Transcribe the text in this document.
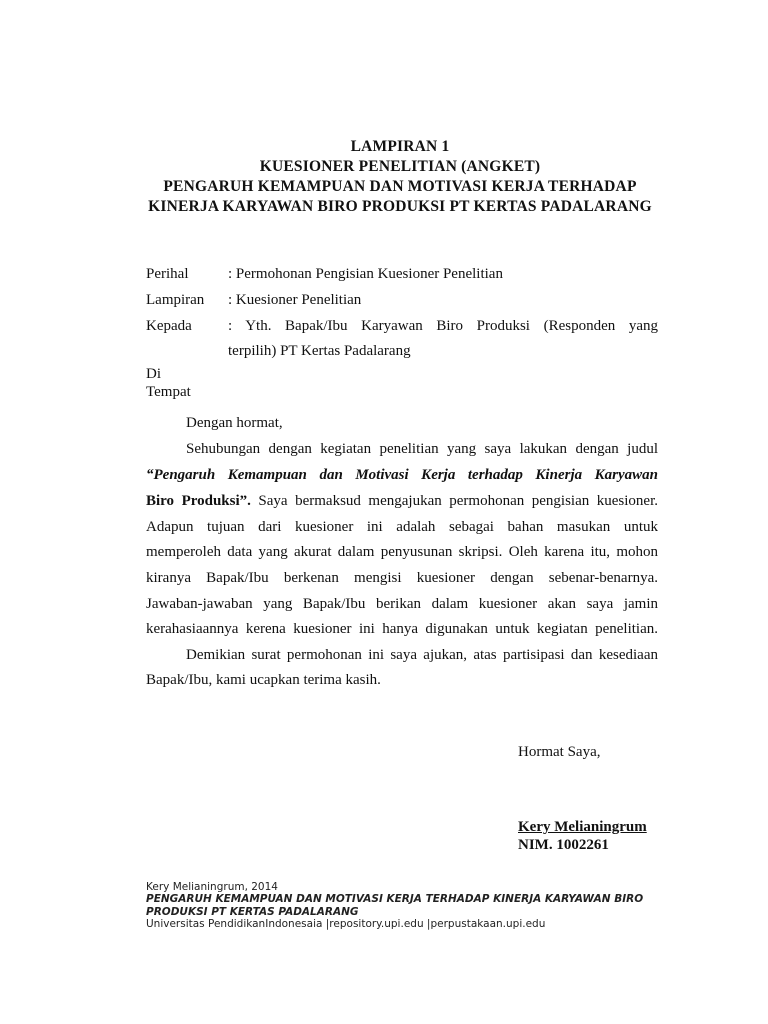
LAMPIRAN 1
KUESIONER PENELITIAN (ANGKET)
PENGARUH KEMAMPUAN DAN MOTIVASI KERJA TERHADAP
KINERJA KARYAWAN BIRO PRODUKSI PT KERTAS PADALARANG
Perihal	: Permohonan Pengisian Kuesioner Penelitian
Lampiran : Kuesioner Penelitian
Kepada : Yth. Bapak/Ibu Karyawan Biro Produksi (Responden yang
terpilih) PT Kertas Padalarang
Di
Tempat
Dengan hormat,
Sehubungan dengan kegiatan penelitian yang saya lakukan dengan judul
“Pengaruh Kemampuan dan Motivasi Kerja terhadap Kinerja Karyawan
Biro Produksi”. Saya bermaksud mengajukan permohonan pengisian kuesioner.
Adapun tujuan dari kuesioner ini adalah sebagai bahan masukan untuk
memperoleh data yang akurat dalam penyusunan skripsi. Oleh karena itu, mohon
kiranya Bapak/Ibu berkenan mengisi kuesioner dengan sebenar-benarnya.
Jawaban-jawaban yang Bapak/Ibu berikan dalam kuesioner akan saya jamin
kerahasiaannya kerena kuesioner ini hanya digunakan untuk kegiatan penelitian.
Demikian surat permohonan ini saya ajukan, atas partisipasi dan kesediaan
Bapak/Ibu, kami ucapkan terima kasih.
Hormat Saya,
Kery Melianingrum
NIM. 1002261
Kery Melianingrum, 2014
PENGARUH KEMAMPUAN DAN MOTIVASI KERJA TERHADAP KINERJA KARYAWAN BIRO
PRODUKSI PT KERTAS PADALARANG
Universitas PendidikanIndonesaia |repository.upi.edu |perpustakaan.upi.edu
